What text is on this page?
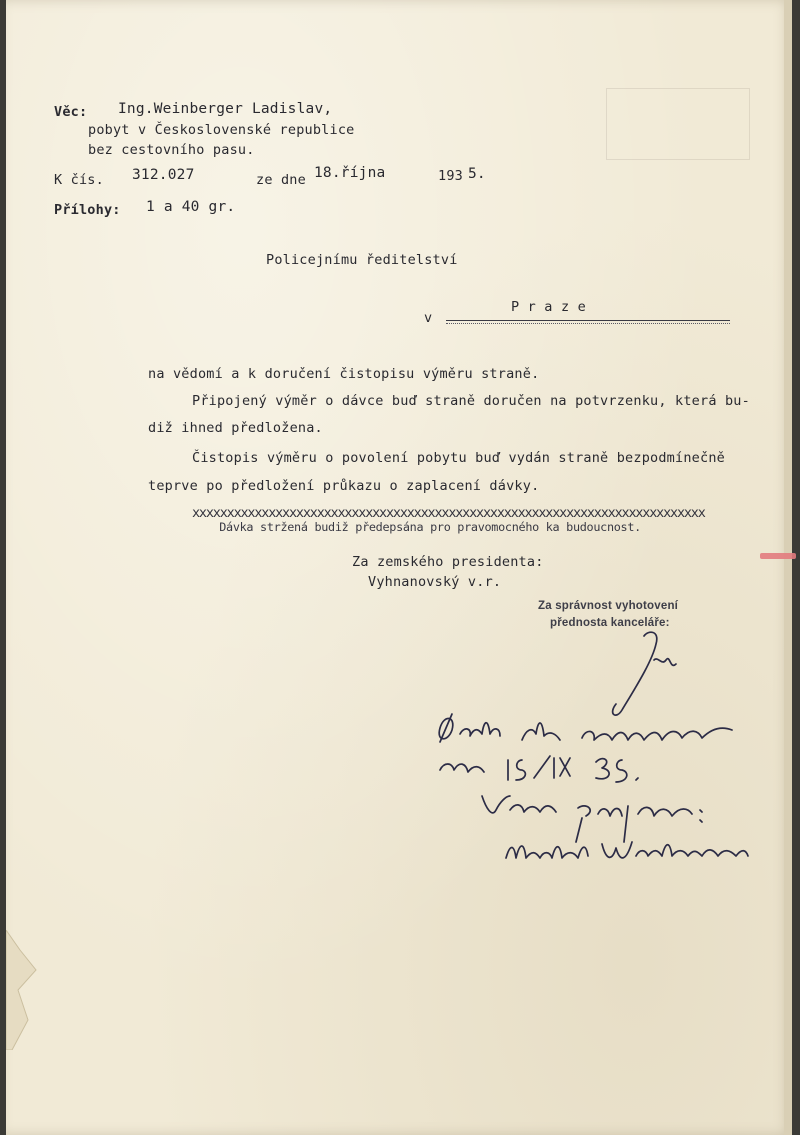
Věc: Ing.Weinberger Ladislav,
pobyt v Československé republice
bez cestovního pasu.
K čís. 312.027	ze dne 18.října	193 5.
Přílohy: 1 a 40 gr.
Policejnímu ředitelství
v
P r a z e
na vědomí a k doručení čistopisu výměru straně.
Připojený výměr o dávce buď straně doručen na potvrzenku, která bu-
diž ihned předložena.
Čistopis výměru o povolení pobytu buď vydán straně bezpodmínečně
teprve po předložení průkazu o zaplacení dávky.

Dávka stržená budiž předepsána pro pravomocného ka budoucnost.

xxxxxxxxxxxxxxxxxxxxxxxxxxxxxxxxxxxxxxxxxxxxxxxxxxxxxxxxxxxxxxxxxxxxxxxxxx

Za zemského presidenta:
Vyhnanovský v.r.
Za správnost vyhotovení
přednosta kanceláře:
